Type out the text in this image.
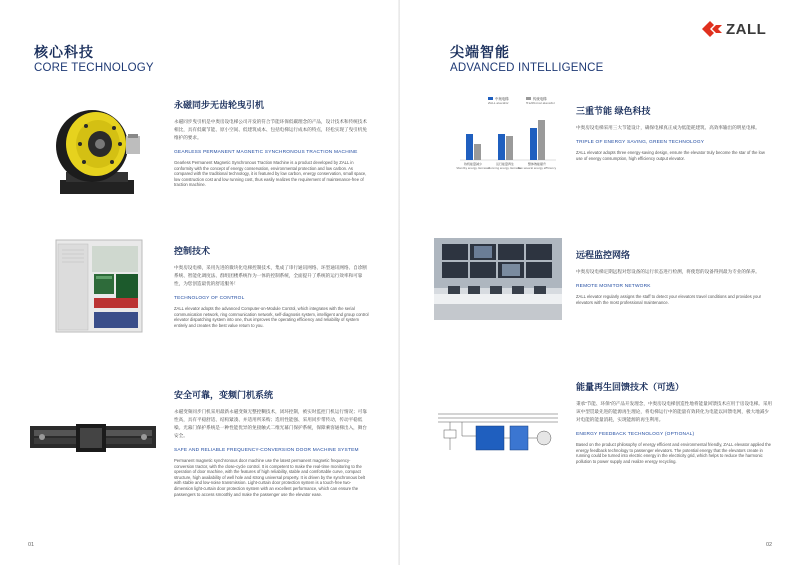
核心科技
CORE TECHNOLOGY
永磁同步无齿轮曳引机
永磁同步曳引机是中奥房设电梯公司开发的符合节能环保低碳理念的产品，设计技术和传统技术相比，具有低碳节能、原小空间、低建筑成本、包括电梯运行成本的特点，轻松实现了曳引机免维护的要求。
GEARLESS PERMANENT MAGNETIC SYNCHRONOUS TRACTION MACHINE
Gearless Permanent Magnetic Synchronous Traction Machine is a product developed by ZALL in conformity with the concept of energy conservation, environmental protection and low carbon. As compared with the traditional technology, it is featured by low carbon, energy conservation, small space, low construction cost and low running cost, thus easily realizes the requirement of maintenance-free of traction machine.
控制技术
中奥房设电梯，采用先进的微块化电梯控制技术，集成了串行通讯网络、环型通讯网络、自诊断系统、智能化调度法、群组团楼系统作为一体的控制系统，全面提升了系统的运行效率和可靠性，为您创造最优的舒适服务！
TECHNOLOGY OF CONTROL
ZALL elevator adopts the advanced Computer-on-Module Control, which integrates with the serial communication network, ring communication network, self-diagnosis system, intelligent and group control elevator dispatching system into one, thus improves the operating efficiency and reliability of system entirely and creates the best value return to you.
安全可靠，变频门机系统
永磁变频同步门机采用最新永磁变频无整控糊技术，闭环控制，被实时监控门机运行情况；可靠性高，具有平稳舒适、结构紧凑、并适用所采购；选用性能强、采用同步带传动，传动平稳低噪。光幕门保护系统是一种性能优异的免接触式二维光幕门保护系统，保障乘客通梯出入，舞台安全。
SAFE AND RELIABLE FREQUENCY-CONVERSION DOOR MACHINE SYSTEM
Permanent magnetic synchronous door machine use the latest permanent magnetic frequency-conversion tractor, with the close-cycle control. It is competent to make the real-time monitoring to the operation of door machine, with the features of high reliability, stable and comfortable curve, compact structure, high availability of well hole and strong universal property. It is driven by the synchronous belt with stable and low-noise transmission. Light-curtain door protection system is a touch-free two-dimension light-curtain door protection system with an excellent performance, which can ensure the passengers to access smoothly and make the passenger use the elevator ease.
01
ZALL
尖端智能
ADVANCED INTELLIGENCE
中奥电梯
ZALL elevator
传统电梯
Traditional elevator
待机能量减少
Standby energy decrease
运行能量再生
Running energy decrease
整体效能提升
Run several energy efficiency
三重节能 绿色科技
中奥房设电梯采用三大节能设计，确保电梯真正成为低能耗建筑、高效率输出的明星电梯。
TRIPLE OF ENERGY SAVING, GREEN TECHNOLOGY
ZALL elevator adopts three energy-saving design, ensure the elevator truly become the star of the low use of energy consumption, high efficiency output elevator.
远程监控网络
中奥房设电梯定期远程对您设备的运行状态进行检测，将使您的设备得到最为专业的保养。
REMOTE MONITOR NETWORK
ZALL elevator regularly assigns the staff to detect your elevators travel conditions and provides your elevators with the most professional maintenance.
能量再生回馈技术（可选）
秉承“节能、环保”的产品开发理念，中奥房设电梯创造性地将能量回馈技术应用于房设电梯。采用该中型贯最先进的能源再生理论，将电梯运行中的能量有效转化为电能以回馈电网，极大地减少对电能的能量消耗，实现能源的再生利用。
ENERGY FEEDBACK TECHNOLOGY (OPTIONAL)
Based on the product philosophy of energy efficient and environmental friendly, ZALL elevator applied the energy feedback technology to passenger elevators. The potential energy that the elevators create in running could be turned into electric energy in the electricity grid, which helps to reduce the harmonic pollution to power supply and realize energy recycling.
02
